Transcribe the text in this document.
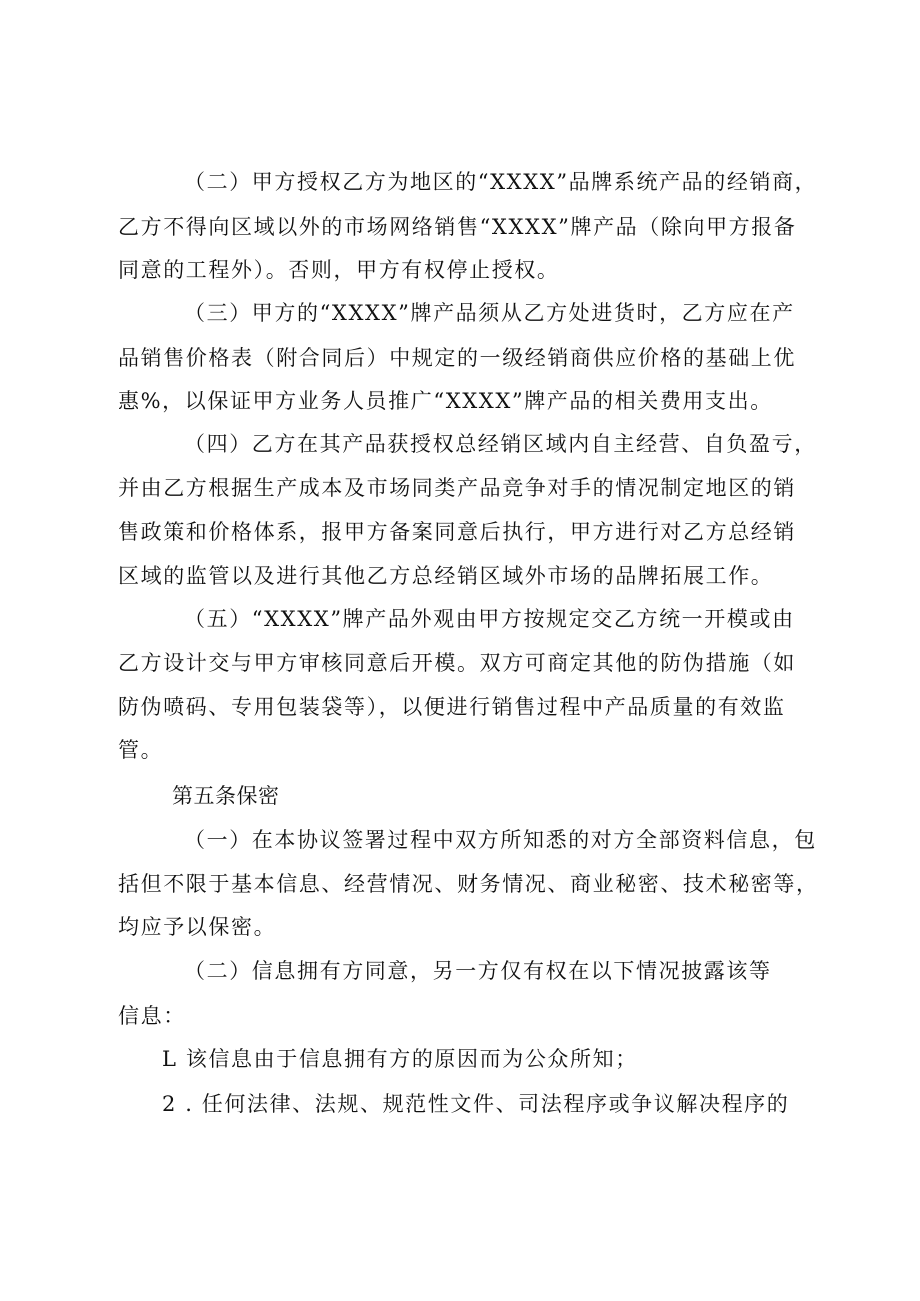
（二）甲方授权乙方为地区的“XXXX”品牌系统产品的经销商，
乙方不得向区域以外的市场网络销售“XXXX”牌产品（除向甲方报备
同意的工程外）。否则，甲方有权停止授权。
（三）甲方的“XXXX”牌产品须从乙方处进货时，乙方应在产
品销售价格表（附合同后）中规定的一级经销商供应价格的基础上优
惠%，以保证甲方业务人员推广“XXXX”牌产品的相关费用支出。
（四）乙方在其产品获授权总经销区域内自主经营、自负盈亏，
并由乙方根据生产成本及市场同类产品竞争对手的情况制定地区的销
售政策和价格体系，报甲方备案同意后执行，甲方进行对乙方总经销
区域的监管以及进行其他乙方总经销区域外市场的品牌拓展工作。
（五）“XXXX”牌产品外观由甲方按规定交乙方统一开模或由
乙方设计交与甲方审核同意后开模。双方可商定其他的防伪措施（如
防伪喷码、专用包装袋等），以便进行销售过程中产品质量的有效监
管。
第五条保密
（一）在本协议签署过程中双方所知悉的对方全部资料信息，包
括但不限于基本信息、经营情况、财务情况、商业秘密、技术秘密等，
均应予以保密。
（二）信息拥有方同意，另一方仅有权在以下情况披露该等
信息：
L 该信息由于信息拥有方的原因而为公众所知；
2 . 任何法律、法规、规范性文件、司法程序或争议解决程序的
